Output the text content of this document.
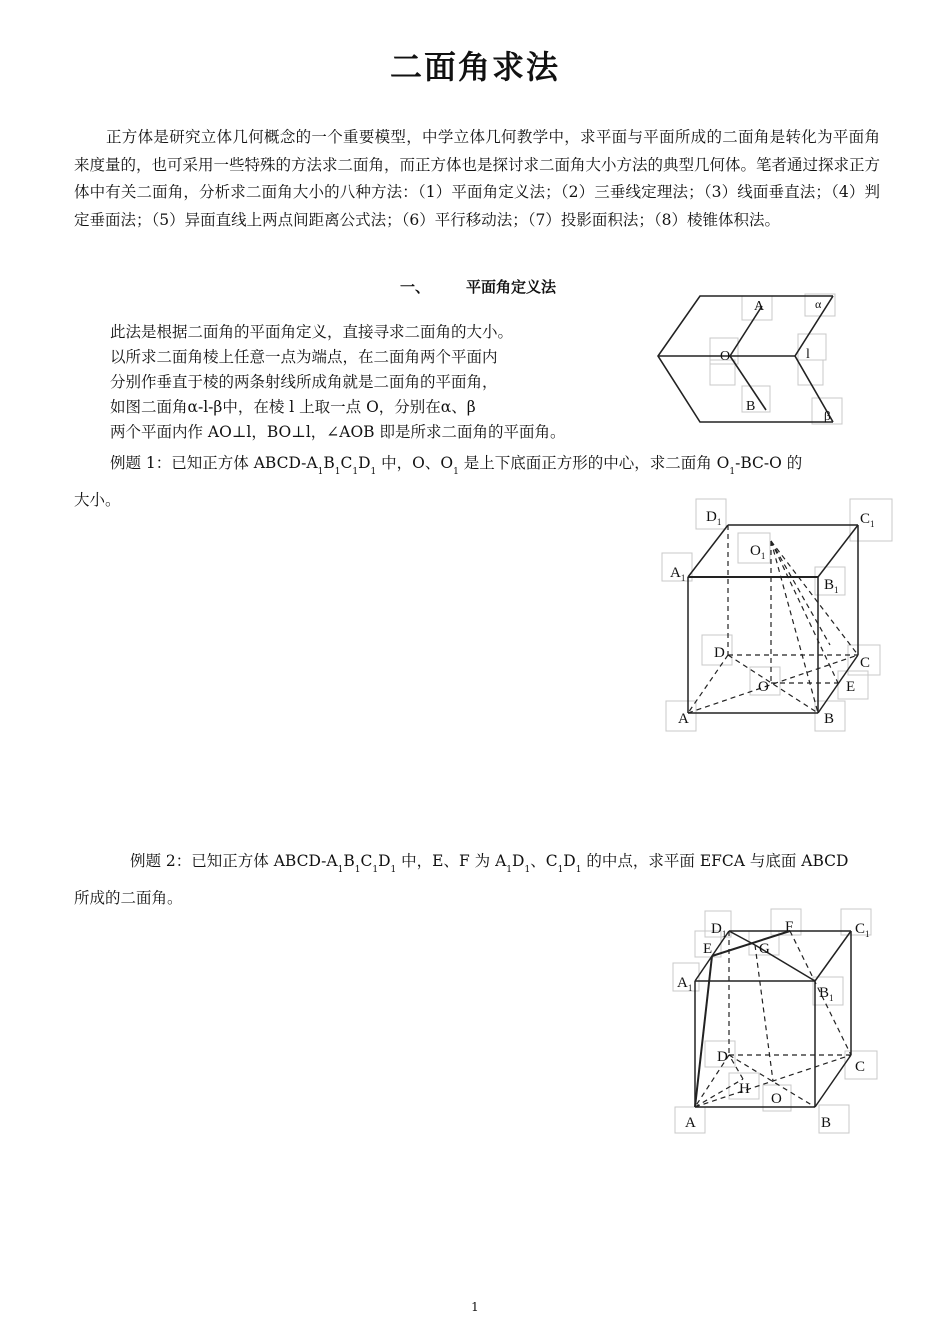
二面角求法
正方体是研究立体几何概念的一个重要模型，中学立体几何教学中，求平面与平面所成的二面角是转化为平面角来度量的，也可采用一些特殊的方法求二面角，而正方体也是探讨求二面角大小方法的典型几何体。笔者通过探求正方体中有关二面角，分析求二面角大小的八种方法：（1）平面角定义法；（2）三垂线定理法；（3）线面垂直法；（4）判定垂面法；（5）异面直线上两点间距离公式法；（6）平行移动法；（7）投影面积法；（8）棱锥体积法。
一、 平面角定义法
此法是根据二面角的平面角定义，直接寻求二面角的大小。
以所求二面角棱上任意一点为端点，在二面角两个平面内
分别作垂直于棱的两条射线所成角就是二面角的平面角，
如图二面角α-l-β中，在棱 l 上取一点 O，分别在α、β
两个平面内作 AO⊥l，BO⊥l，∠AOB 即是所求二面角的平面角。
例题 1：已知正方体 ABCD-$A_1B_1C_1D_1$ 中，O、$O_1$ 是上下底面正方形的中心，求二面角 $O_1-BC-O$ 的
大小。
例题 2：已知正方体 ABCD-$A_1B_1C_1D_1$ 中，E、F 为 $A_1D_1$、$C_1D_1$ 的中点，求平面 EFCA 与底面 ABCD
所成的二面角。
A	α
O	l
B
β
$D_1$	$C_1$
$O_1$
$A_1$	$B_1$
D
C
O	E
A	B
$D_1$	F	$C_1$
E	G
$A_1$	$B_1$
D
C
H
O
A	B
1
